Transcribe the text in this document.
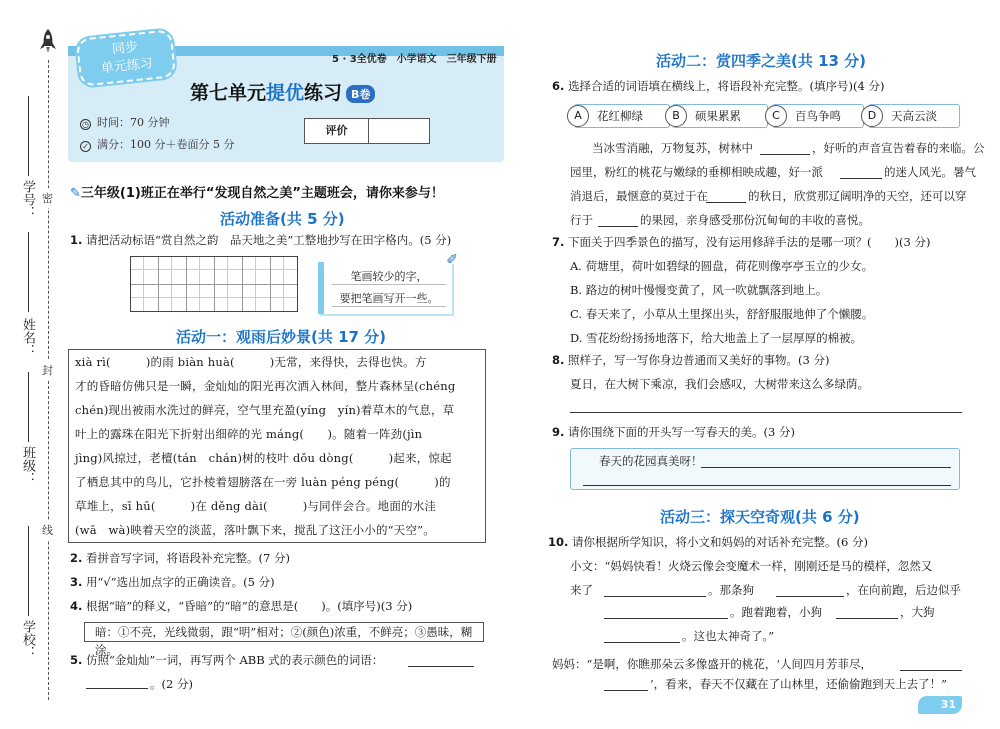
学号： 密
姓名：
封
班级：
线
学校：
同步
单元练习	5 · 3全优卷　小学语文　三年级下册
第七单元提优练习 B卷
◷ 时间：70 分钟
✓ 满分：100 分＋卷面分 5 分
评价
✎三年级(1)班正在举行“发现自然之美”主题班会，请你来参与！
活动准备(共 5 分)
1. 请把活动标语“赏自然之韵　品天地之美”工整地抄写在田字格内。(5 分)
笔画较少的字，
要把笔画写开一些。
✐
活动一：观雨后妙景(共 17 分)
xià rì(　　　)的雨 biàn huà(　　　)无常，来得快，去得也快。方
才的昏暗仿佛只是一瞬，金灿灿的阳光再次洒入林间，整片森林呈(chéng
chén)现出被雨水洗过的鲜亮，空气里充盈(yíng　yín)着草木的气息，草
叶上的露珠在阳光下折射出细碎的光 máng(　　)。随着一阵劲(jìn
jìng)风掠过，老檀(tán　chán)树的枝叶 dǒu dòng(　　　)起来，惊起
了栖息其中的鸟儿，它扑棱着翅膀落在一旁 luàn péng péng(　　　)的
草堆上，sī hū(　　　)在 děng dài(　　　)与同伴会合。地面的水洼
(wā　wà)映着天空的淡蓝，落叶飘下来，搅乱了这汪小小的“天空”。
2. 看拼音写字词，将语段补充完整。(7 分)
3. 用“√”选出加点字的正确读音。(5 分)
4. 根据“暗”的释义，“昏暗”的“暗”的意思是(　　)。(填序号)(3 分)
暗：①不亮，光线微弱，跟“明”相对；②(颜色)浓重，不鲜亮；③愚昧，糊涂。
5. 仿照“金灿灿”一词，再写两个 ABB 式的表示颜色的词语：
。(2 分)
活动二：赏四季之美(共 13 分)
6. 选择合适的词语填在横线上，将语段补充完整。(填序号)(4 分)
A	花红柳绿	B	硕果累累	C	百鸟争鸣	D	天高云淡
当冰雪消融，万物复苏，树林中	，好听的声音宣告着春的来临。公
园里，粉红的桃花与嫩绿的垂柳相映成趣，好一派	的迷人风光。暑气
消退后，最惬意的莫过于在	的秋日，欣赏那辽阔明净的天空，还可以穿
行于	的果园，亲身感受那份沉甸甸的丰收的喜悦。
7. 下面关于四季景色的描写，没有运用修辞手法的是哪一项？(　　)(3 分)
A. 荷塘里，荷叶如碧绿的圆盘，荷花则像亭亭玉立的少女。
B. 路边的树叶慢慢变黄了，风一吹就飘落到地上。
C. 春天来了，小草从土里探出头，舒舒服服地伸了个懒腰。
D. 雪花纷纷扬扬地落下，给大地盖上了一层厚厚的棉被。
8. 照样子，写一写你身边普通而又美好的事物。(3 分)
夏日，在大树下乘凉，我们会感叹，大树带来这么多绿荫。
9. 请你围绕下面的开头写一写春天的美。(3 分)
春天的花园真美呀！
活动三：探天空奇观(共 6 分)
10. 请你根据所学知识，将小文和妈妈的对话补充完整。(6 分)
小文：“妈妈快看！火烧云像会变魔术一样，刚刚还是马的模样，忽然又
来了	。那条狗	，在向前跑，后边似乎
。跑着跑着，小狗	，大狗
。这也太神奇了。”
妈妈：“是啊，你瞧那朵云多像盛开的桃花，‘人间四月芳菲尽，
’，看来，春天不仅藏在了山林里，还偷偷跑到天上去了！”
31
